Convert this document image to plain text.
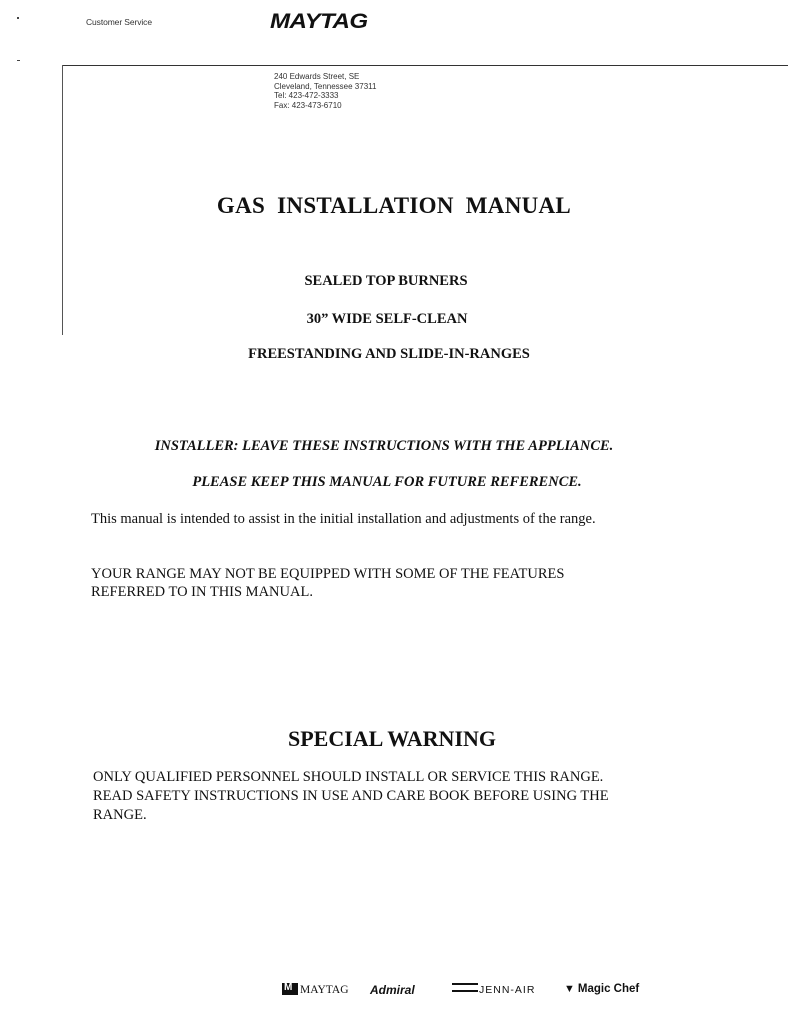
Customer Service	MAYTAG
240 Edwards Street, SE
Cleveland, Tennessee 37311
Tel: 423-472-3333
Fax: 423-473-6710
GAS INSTALLATION MANUAL
SEALED TOP BURNERS
30” WIDE SELF-CLEAN
FREESTANDING AND SLIDE-IN-RANGES
INSTALLER: LEAVE THESE INSTRUCTIONS WITH THE APPLIANCE.
PLEASE KEEP THIS MANUAL FOR FUTURE REFERENCE.
This manual is intended to assist in the initial installation and adjustments of the range.
YOUR RANGE MAY NOT BE EQUIPPED WITH SOME OF THE FEATURES
REFERRED TO IN THIS MANUAL.
SPECIAL WARNING
ONLY QUALIFIED PERSONNEL SHOULD INSTALL OR SERVICE THIS RANGE.
READ SAFETY INSTRUCTIONS IN USE AND CARE BOOK BEFORE USING THE
RANGE.
MMAYTAG Admiral	JENN-AIR	▼ Magic Chef
